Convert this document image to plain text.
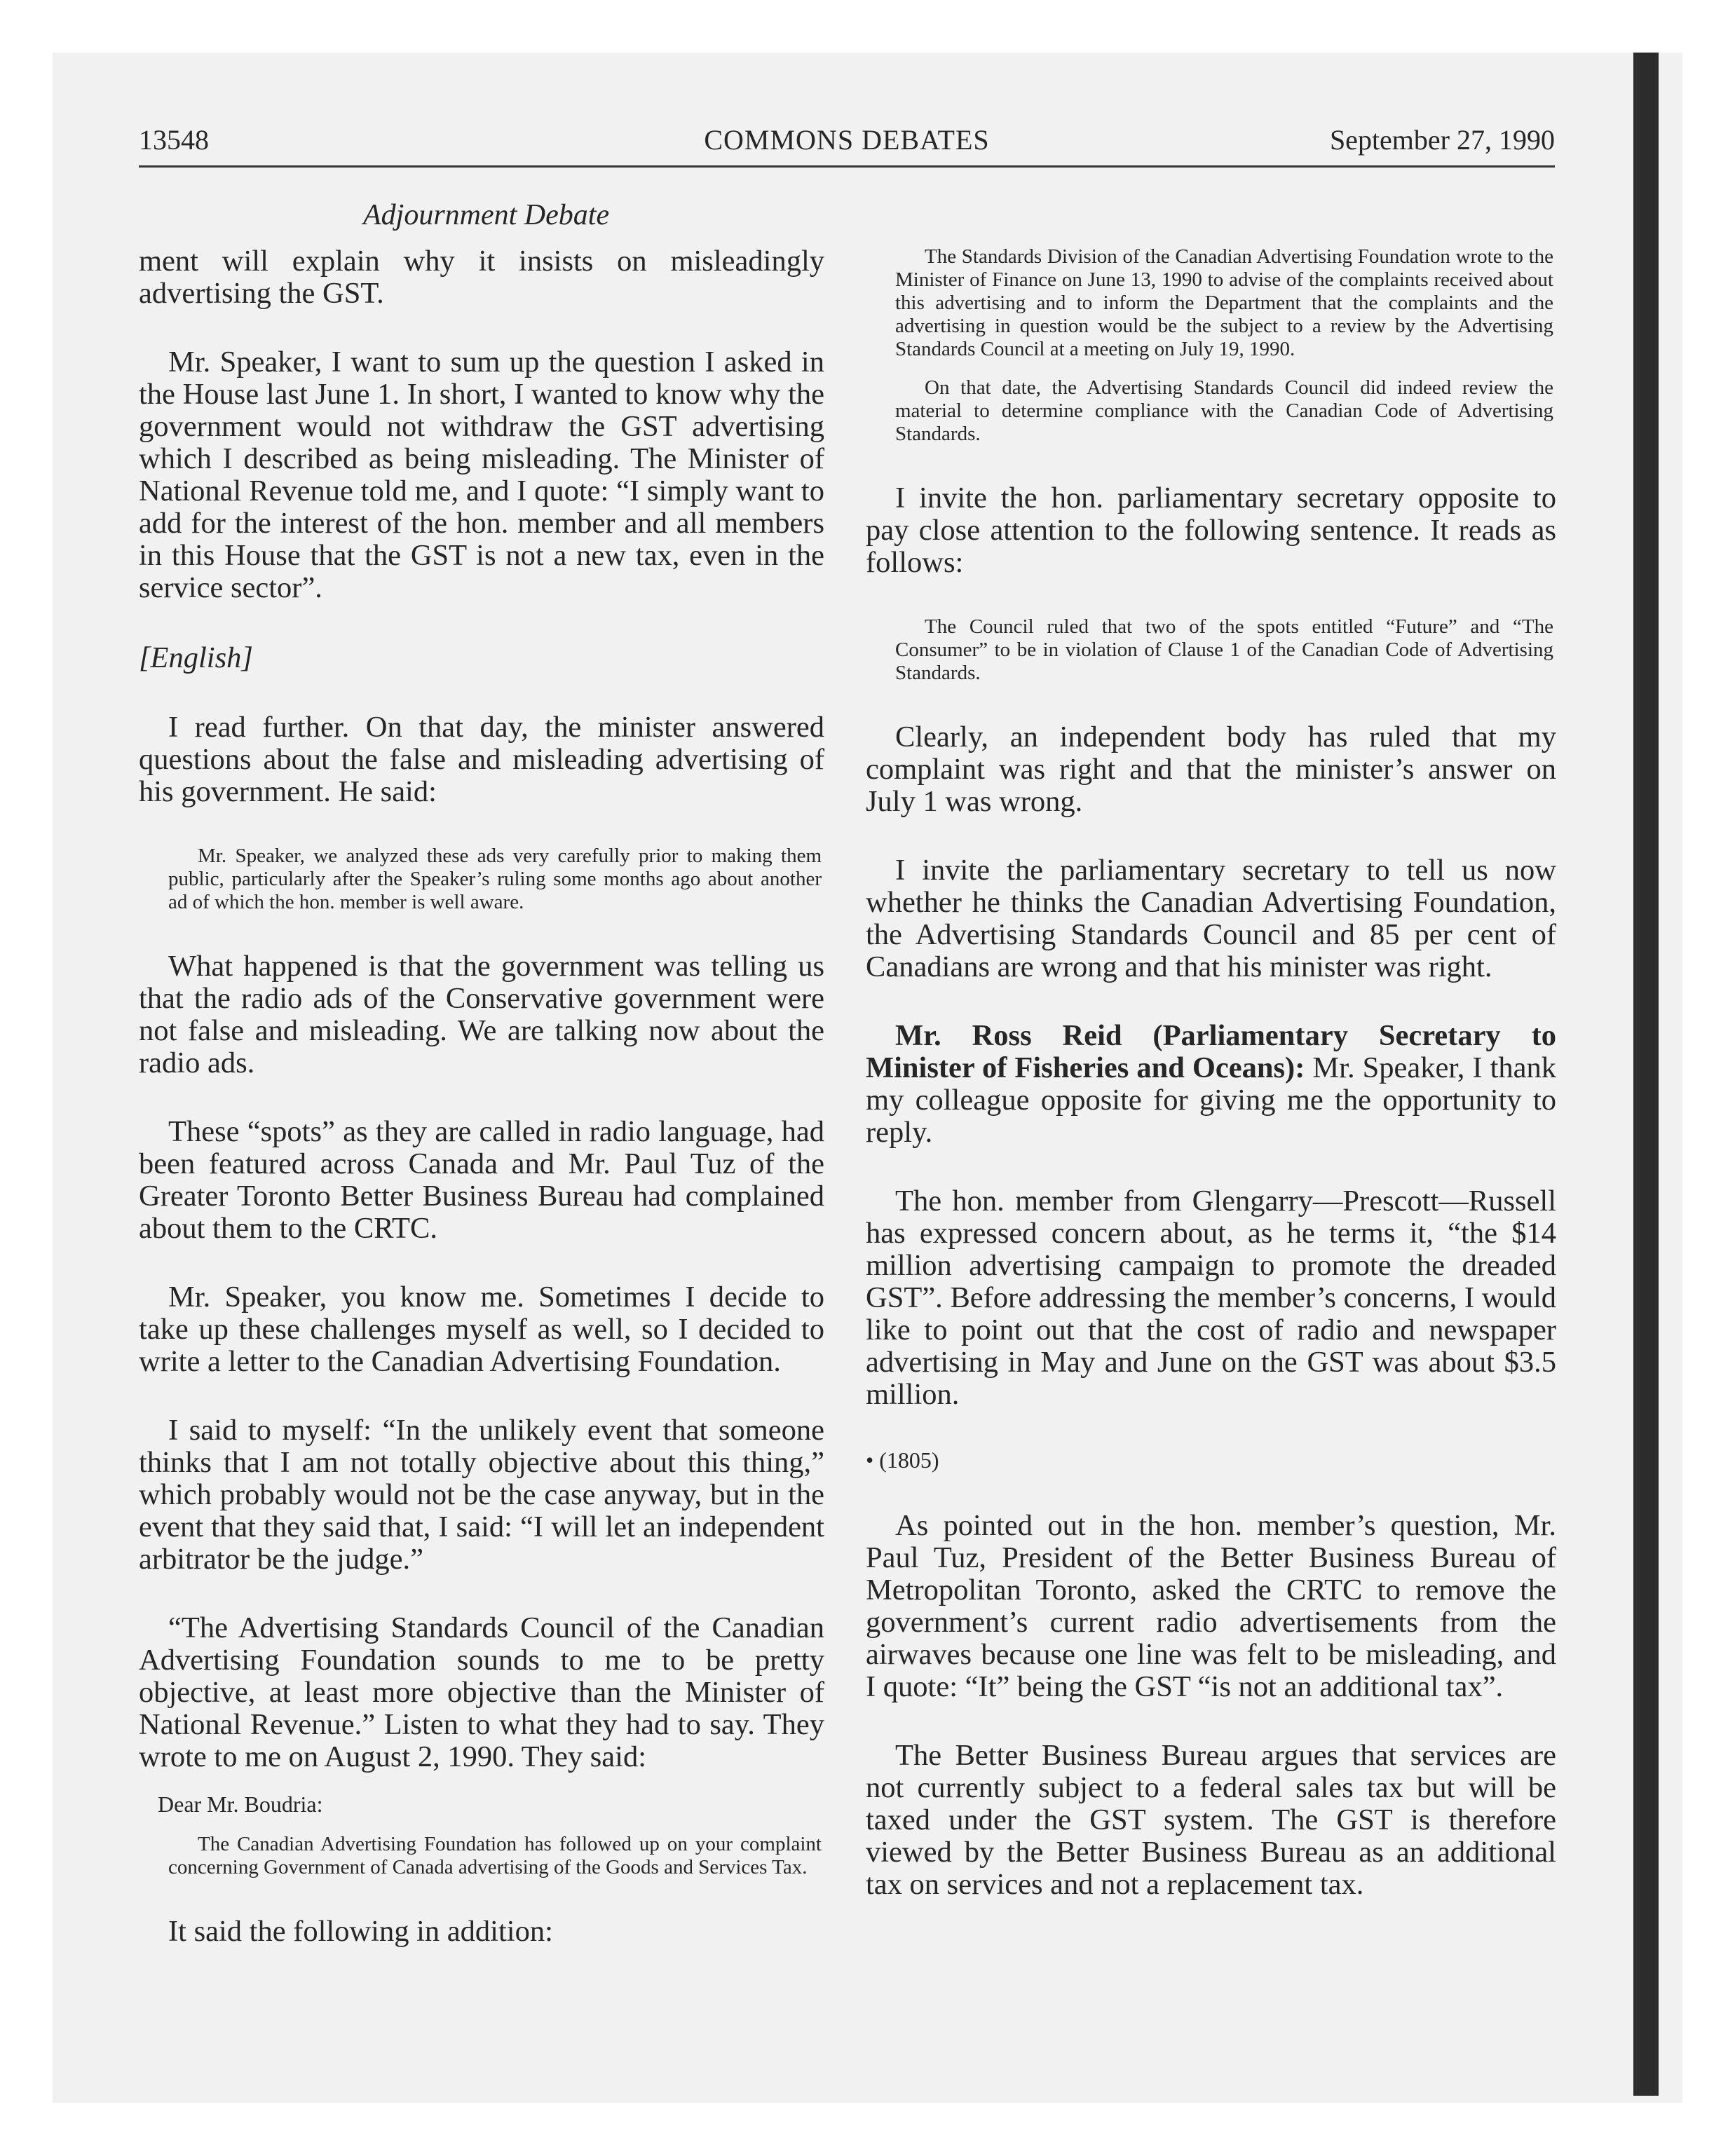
13548	COMMONS DEBATES	September 27, 1990
Adjournment Debate

ment will explain why it insists on misleadingly advertising the GST.

Mr. Speaker, I want to sum up the question I asked in the House last June 1. In short, I wanted to know why the government would not withdraw the GST advertising which I described as being misleading. The Minister of National Revenue told me, and I quote: “I simply want to add for the interest of the hon. member and all members in this House that the GST is not a new tax, even in the service sector”.

[English]

I read further. On that day, the minister answered questions about the false and misleading advertising of his government. He said:

Mr. Speaker, we analyzed these ads very carefully prior to making them public, particularly after the Speaker’s ruling some months ago about another ad of which the hon. member is well aware.

What happened is that the government was telling us that the radio ads of the Conservative government were not false and misleading. We are talking now about the radio ads.

These “spots” as they are called in radio language, had been featured across Canada and Mr. Paul Tuz of the Greater Toronto Better Business Bureau had complained about them to the CRTC.

Mr. Speaker, you know me. Sometimes I decide to take up these challenges myself as well, so I decided to write a letter to the Canadian Advertising Foundation.

I said to myself: “In the unlikely event that someone thinks that I am not totally objective about this thing,” which probably would not be the case anyway, but in the event that they said that, I said: “I will let an independent arbitrator be the judge.”

“The Advertising Standards Council of the Canadian Advertising Foundation sounds to me to be pretty objective, at least more objective than the Minister of National Revenue.” Listen to what they had to say. They wrote to me on August 2, 1990. They said:

Dear Mr. Boudria:

The Canadian Advertising Foundation has followed up on your complaint concerning Government of Canada advertising of the Goods and Services Tax.

It said the following in addition:

The Standards Division of the Canadian Advertising Foundation wrote to the Minister of Finance on June 13, 1990 to advise of the complaints received about this advertising and to inform the Department that the complaints and the advertising in question would be the subject to a review by the Advertising Standards Council at a meeting on July 19, 1990.

On that date, the Advertising Standards Council did indeed review the material to determine compliance with the Canadian Code of Advertising Standards.

I invite the hon. parliamentary secretary opposite to pay close attention to the following sentence. It reads as follows:

The Council ruled that two of the spots entitled “Future” and “The Consumer” to be in violation of Clause 1 of the Canadian Code of Advertising Standards.

Clearly, an independent body has ruled that my complaint was right and that the minister’s answer on July 1 was wrong.

I invite the parliamentary secretary to tell us now whether he thinks the Canadian Advertising Foundation, the Advertising Standards Council and 85 per cent of Canadians are wrong and that his minister was right.

Mr. Ross Reid (Parliamentary Secretary to Minister of Fisheries and Oceans): Mr. Speaker, I thank my colleague opposite for giving me the opportunity to reply.

The hon. member from Glengarry—Prescott—Russell has expressed concern about, as he terms it, “the $14 million advertising campaign to promote the dreaded GST”. Before addressing the member’s concerns, I would like to point out that the cost of radio and newspaper advertising in May and June on the GST was about $3.5 million.

• (1805)

As pointed out in the hon. member’s question, Mr. Paul Tuz, President of the Better Business Bureau of Metropolitan Toronto, asked the CRTC to remove the government’s current radio advertisements from the airwaves because one line was felt to be misleading, and I quote: “It” being the GST “is not an additional tax”.

The Better Business Bureau argues that services are not currently subject to a federal sales tax but will be taxed under the GST system. The GST is therefore viewed by the Better Business Bureau as an additional tax on services and not a replacement tax.
